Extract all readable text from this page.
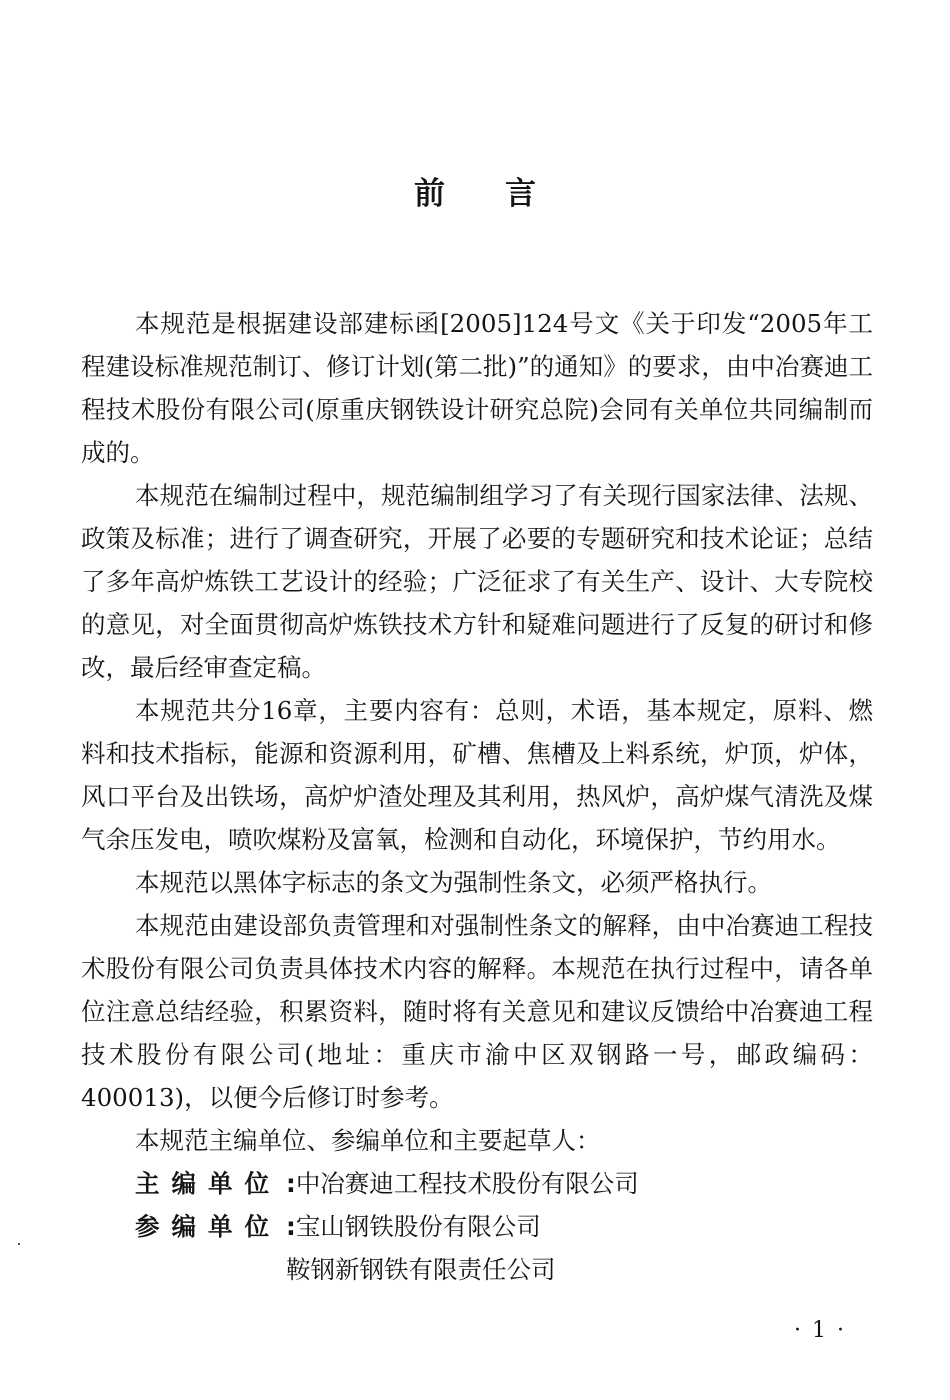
前言

本规范是根据建设部建标函[2005]124号文《关于印发“2005年工程建设标准规范制订、修订计划(第二批)”的通知》的要求，由中冶赛迪工程技术股份有限公司(原重庆钢铁设计研究总院)会同有关单位共同编制而成的。

本规范在编制过程中，规范编制组学习了有关现行国家法律、法规、政策及标准；进行了调查研究，开展了必要的专题研究和技术论证；总结了多年高炉炼铁工艺设计的经验；广泛征求了有关生产、设计、大专院校的意见，对全面贯彻高炉炼铁技术方针和疑难问题进行了反复的研讨和修改，最后经审查定稿。

本规范共分16章，主要内容有：总则，术语，基本规定，原料、燃料和技术指标，能源和资源利用，矿槽、焦槽及上料系统，炉顶，炉体，风口平台及出铁场，高炉炉渣处理及其利用，热风炉，高炉煤气清洗及煤气余压发电，喷吹煤粉及富氧，检测和自动化，环境保护，节约用水。

本规范以黑体字标志的条文为强制性条文，必须严格执行。

本规范由建设部负责管理和对强制性条文的解释，由中冶赛迪工程技术股份有限公司负责具体技术内容的解释。本规范在执行过程中，请各单位注意总结经验，积累资料，随时将有关意见和建议反馈给中冶赛迪工程技术股份有限公司(地址：重庆市渝中区双钢路一号，邮政编码：400013)，以便今后修订时参考。

本规范主编单位、参编单位和主要起草人：

主编单位 :中冶赛迪工程技术股份有限公司

参编单位 :宝山钢铁股份有限公司

鞍钢新钢铁有限责任公司

· 1 ·
